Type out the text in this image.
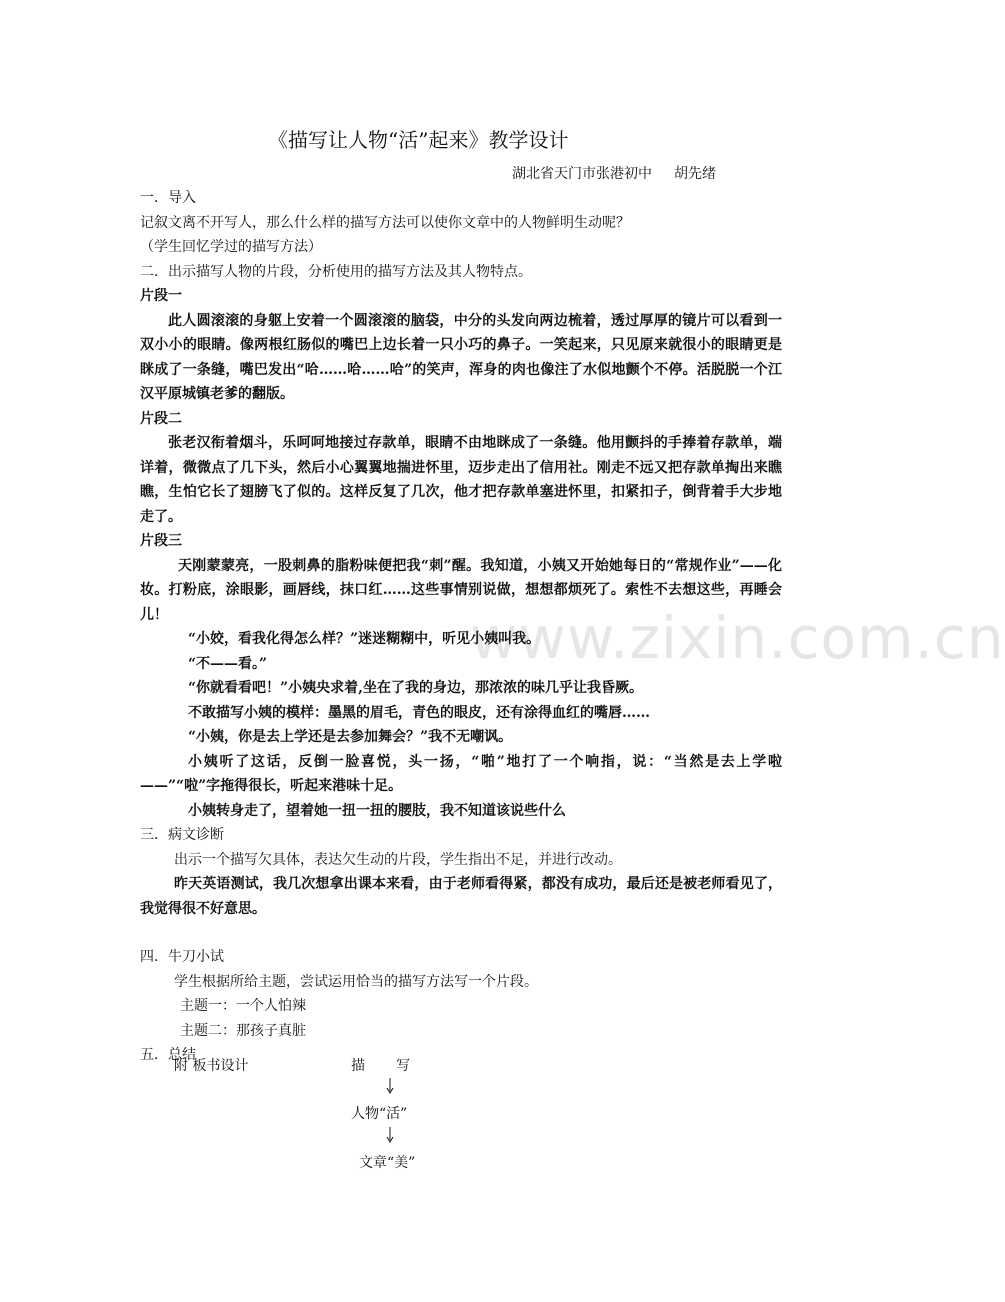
www.zixin.com.cn
《描写让人物“活”起来》教学设计
湖北省天门市张港初中 胡先绪
一．导入
记叙文离不开写人，那么什么样的描写方法可以使你文章中的人物鲜明生动呢？
（学生回忆学过的描写方法）
二．出示描写人物的片段，分析使用的描写方法及其人物特点。
片段一
此人圆滚滚的身躯上安着一个圆滚滚的脑袋，中分的头发向两边梳着，透过厚厚的镜片可以看到一双小小的眼睛。像两根红肠似的嘴巴上边长着一只小巧的鼻子。一笑起来，只见原来就很小的眼睛更是眯成了一条缝，嘴巴发出“哈……哈……哈”的笑声，浑身的肉也像注了水似地颤个不停。活脱脱一个江汉平原城镇老爹的翻版。
片段二
张老汉衔着烟斗，乐呵呵地接过存款单，眼睛不由地眯成了一条缝。他用颤抖的手捧着存款单，端详着，微微点了几下头，然后小心翼翼地揣进怀里，迈步走出了信用社。刚走不远又把存款单掏出来瞧瞧，生怕它长了翅膀飞了似的。这样反复了几次，他才把存款单塞进怀里，扣紧扣子，倒背着手大步地走了。
片段三
天刚蒙蒙亮，一股刺鼻的脂粉味便把我“刺”醒。我知道，小姨又开始她每日的“常规作业”——化妆。打粉底，涂眼影，画唇线，抹口红……这些事情别说做，想想都烦死了。索性不去想这些，再睡会儿！
“小姣，看我化得怎么样？”迷迷糊糊中，听见小姨叫我。
“不——看。”
“你就看看吧！”小姨央求着,坐在了我的身边，那浓浓的味几乎让我昏厥。
不敢描写小姨的模样：墨黑的眉毛，青色的眼皮，还有涂得血红的嘴唇……
“小姨，你是去上学还是去参加舞会？”我不无嘲讽。
小姨听了这话，反倒一脸喜悦，头一扬，“啪”地打了一个响指，说：“当然是去上学啦——”“啦”字拖得很长，听起来港味十足。
小姨转身走了，望着她一扭一扭的腰肢，我不知道该说些什么
三．病文诊断
出示一个描写欠具体，表达欠生动的片段，学生指出不足，并进行改动。
昨天英语测试，我几次想拿出课本来看，由于老师看得紧，都没有成功，最后还是被老师看见了，我觉得很不好意思。
四．牛刀小试
学生根据所给主题，尝试运用恰当的描写方法写一个片段。
主题一：一个人怕辣
主题二：那孩子真脏
五．总结
附 板书设计	描       写
人物“活”
文章“美”
